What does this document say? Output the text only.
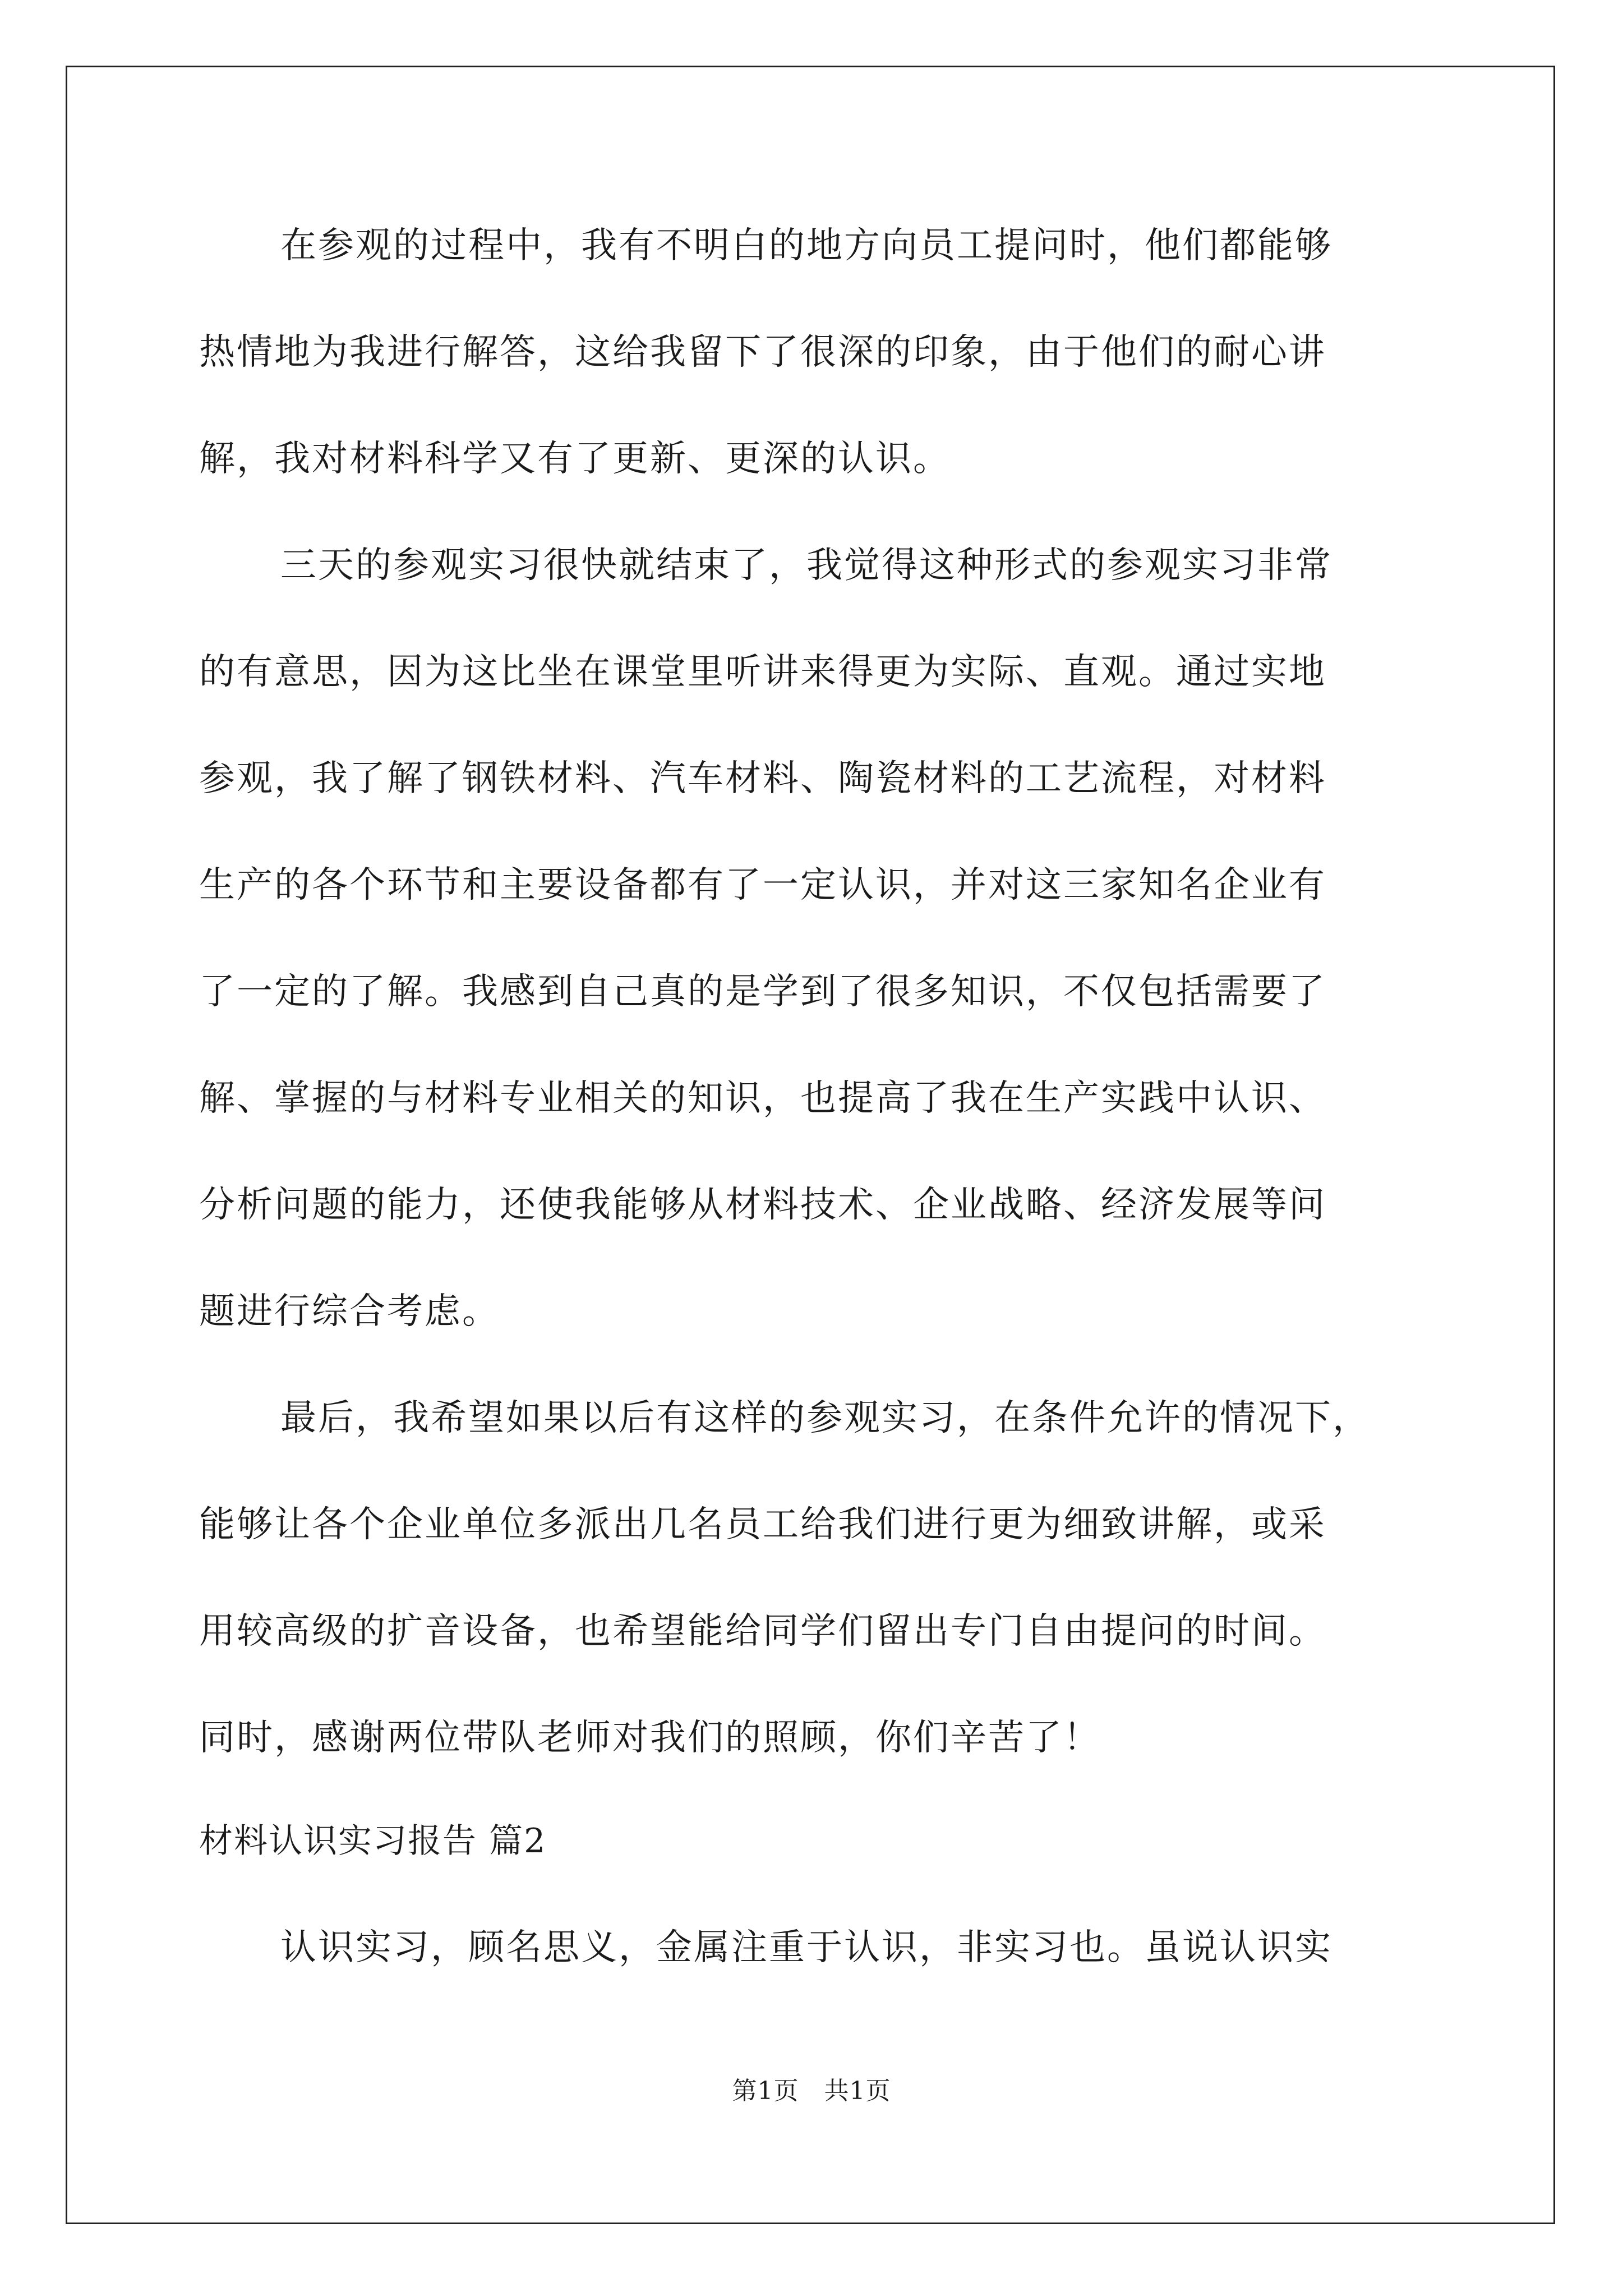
在参观的过程中，我有不明白的地方向员工提问时，他们都能够
热情地为我进行解答，这给我留下了很深的印象，由于他们的耐心讲
解，我对材料科学又有了更新、更深的认识。
三天的参观实习很快就结束了，我觉得这种形式的参观实习非常
的有意思，因为这比坐在课堂里听讲来得更为实际、直观。通过实地
参观，我了解了钢铁材料、汽车材料、陶瓷材料的工艺流程，对材料
生产的各个环节和主要设备都有了一定认识，并对这三家知名企业有
了一定的了解。我感到自己真的是学到了很多知识，不仅包括需要了
解、掌握的与材料专业相关的知识，也提高了我在生产实践中认识、
分析问题的能力，还使我能够从材料技术、企业战略、经济发展等问
题进行综合考虑。
最后，我希望如果以后有这样的参观实习，在条件允许的情况下，
能够让各个企业单位多派出几名员工给我们进行更为细致讲解，或采
用较高级的扩音设备，也希望能给同学们留出专门自由提问的时间。
同时，感谢两位带队老师对我们的照顾，你们辛苦了！
材料认识实习报告 篇2
认识实习，顾名思义，金属注重于认识，非实习也。虽说认识实
第1页　共1页
